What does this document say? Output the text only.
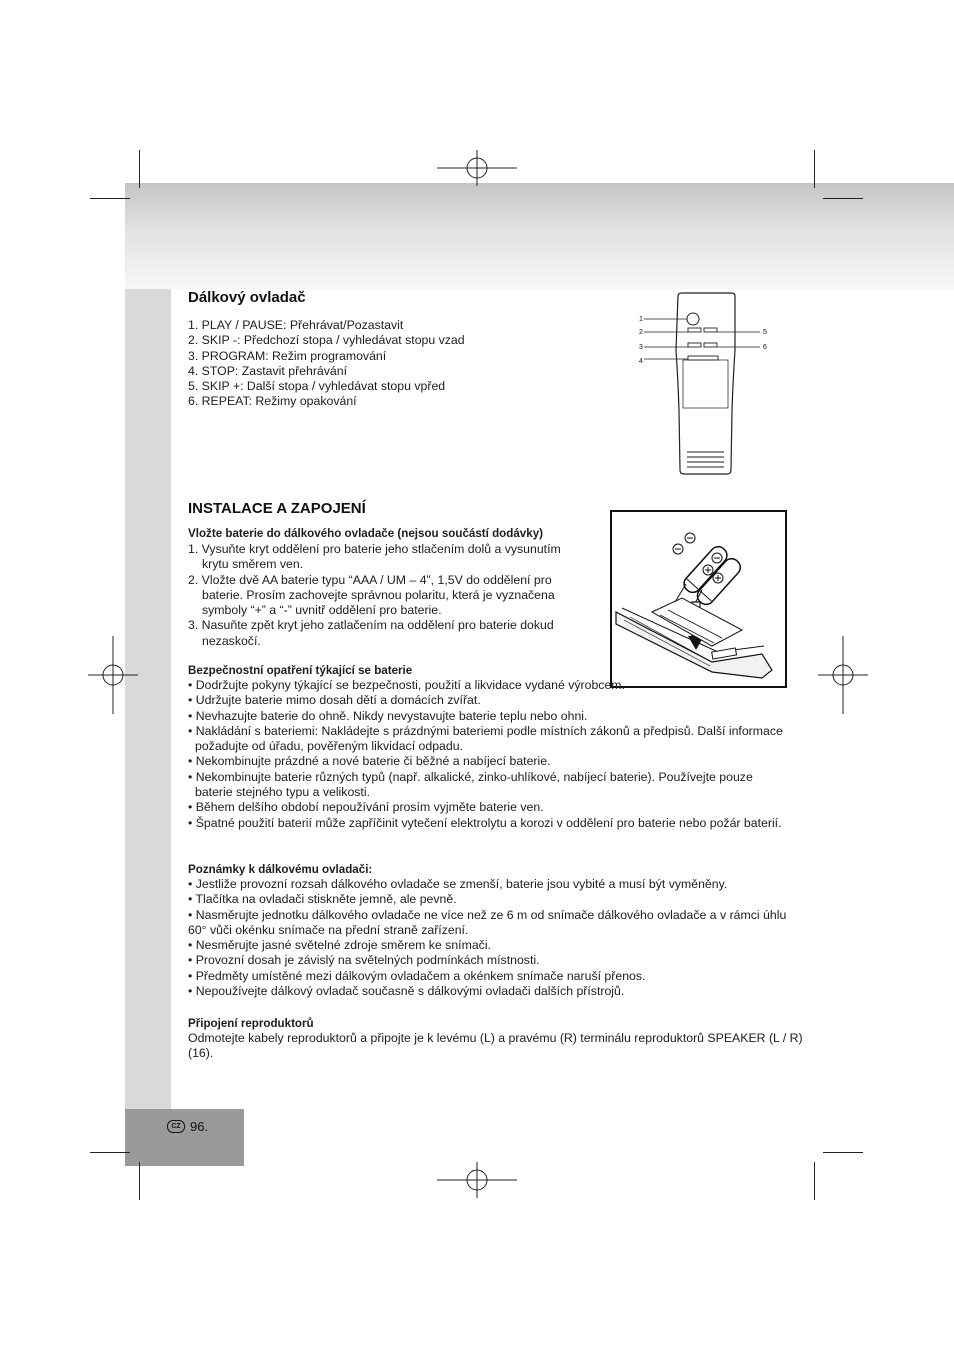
Dálkový ovladač
1. PLAY / PAUSE: Přehrávat/Pozastavit
2. SKIP -: Předchozí stopa / vyhledávat stopu vzad
3. PROGRAM: Režim programování
4. STOP: Zastavit přehrávání
5. SKIP +: Další stopa / vyhledávat stopu vpřed
6. REPEAT: Režimy opakování
1
2
3
4
5
6
INSTALACE A ZAPOJENÍ

Vložte baterie do dálkového ovladače (nejsou součástí dodávky)

1. Vysuňte kryt oddělení pro baterie jeho stlačením dolů a vysunutím krytu směrem ven.
2. Vložte dvě AA baterie typu “AAA / UM – 4”, 1,5V do oddělení pro baterie. Prosím zachovejte správnou polaritu, která je vyznačena symboly “+” a “-” uvnitř oddělení pro baterie.
3. Nasuňte zpět kryt jeho zatlačením na oddělení pro baterie dokud nezaskočí.

Bezpečnostní opatření týkající se baterie

• Dodržujte pokyny týkající se bezpečnosti, použití a likvidace vydané výrobcem.
• Udržujte baterie mimo dosah dětí a domácích zvířat.
• Nevhazujte baterie do ohně. Nikdy nevystavujte baterie teplu nebo ohni.
• Nakládání s bateriemi: Nakládejte s prázdnými bateriemi podle místních zákonů a předpisů. Další informace požadujte od úřadu, pověřeným likvidací odpadu.
• Nekombinujte prázdné a nové baterie či běžné a nabíjecí baterie.
• Nekombinujte baterie různých typů (např. alkalické, zinko-uhlíkové, nabíjecí baterie). Používejte pouze baterie stejného typu a velikosti.
• Během delšího období nepoužívání prosím vyjměte baterie ven.
• Špatné použití baterií může zapříčinit vytečení elektrolytu a korozi v oddělení pro baterie nebo požár baterií.

Poznámky k dálkovému ovladači:

• Jestliže provozní rozsah dálkového ovladače se zmenší, baterie jsou vybité a musí být vyměněny.
• Tlačítka na ovladači stiskněte jemně, ale pevně.
• Nasměrujte jednotku dálkového ovladače ne více než ze 6 m od snímače dálkového ovladače a v rámci úhlu 60° vůči okénku snímače na přední straně zařízení.
• Nesměrujte jasné světelné zdroje směrem ke snímači.
• Provozní dosah je závislý na světelných podmínkách místnosti.
• Předměty umístěné mezi dálkovým ovladačem a okénkem snímače naruší přenos.
• Nepoužívejte dálkový ovladač současně s dálkovými ovladači dalších přístrojů.

Připojení reproduktorů

Odmotejte kabely reproduktorů a připojte je k levému (L) a pravému (R) terminálu reproduktorů SPEAKER (L / R) (16).

CZ 96.
